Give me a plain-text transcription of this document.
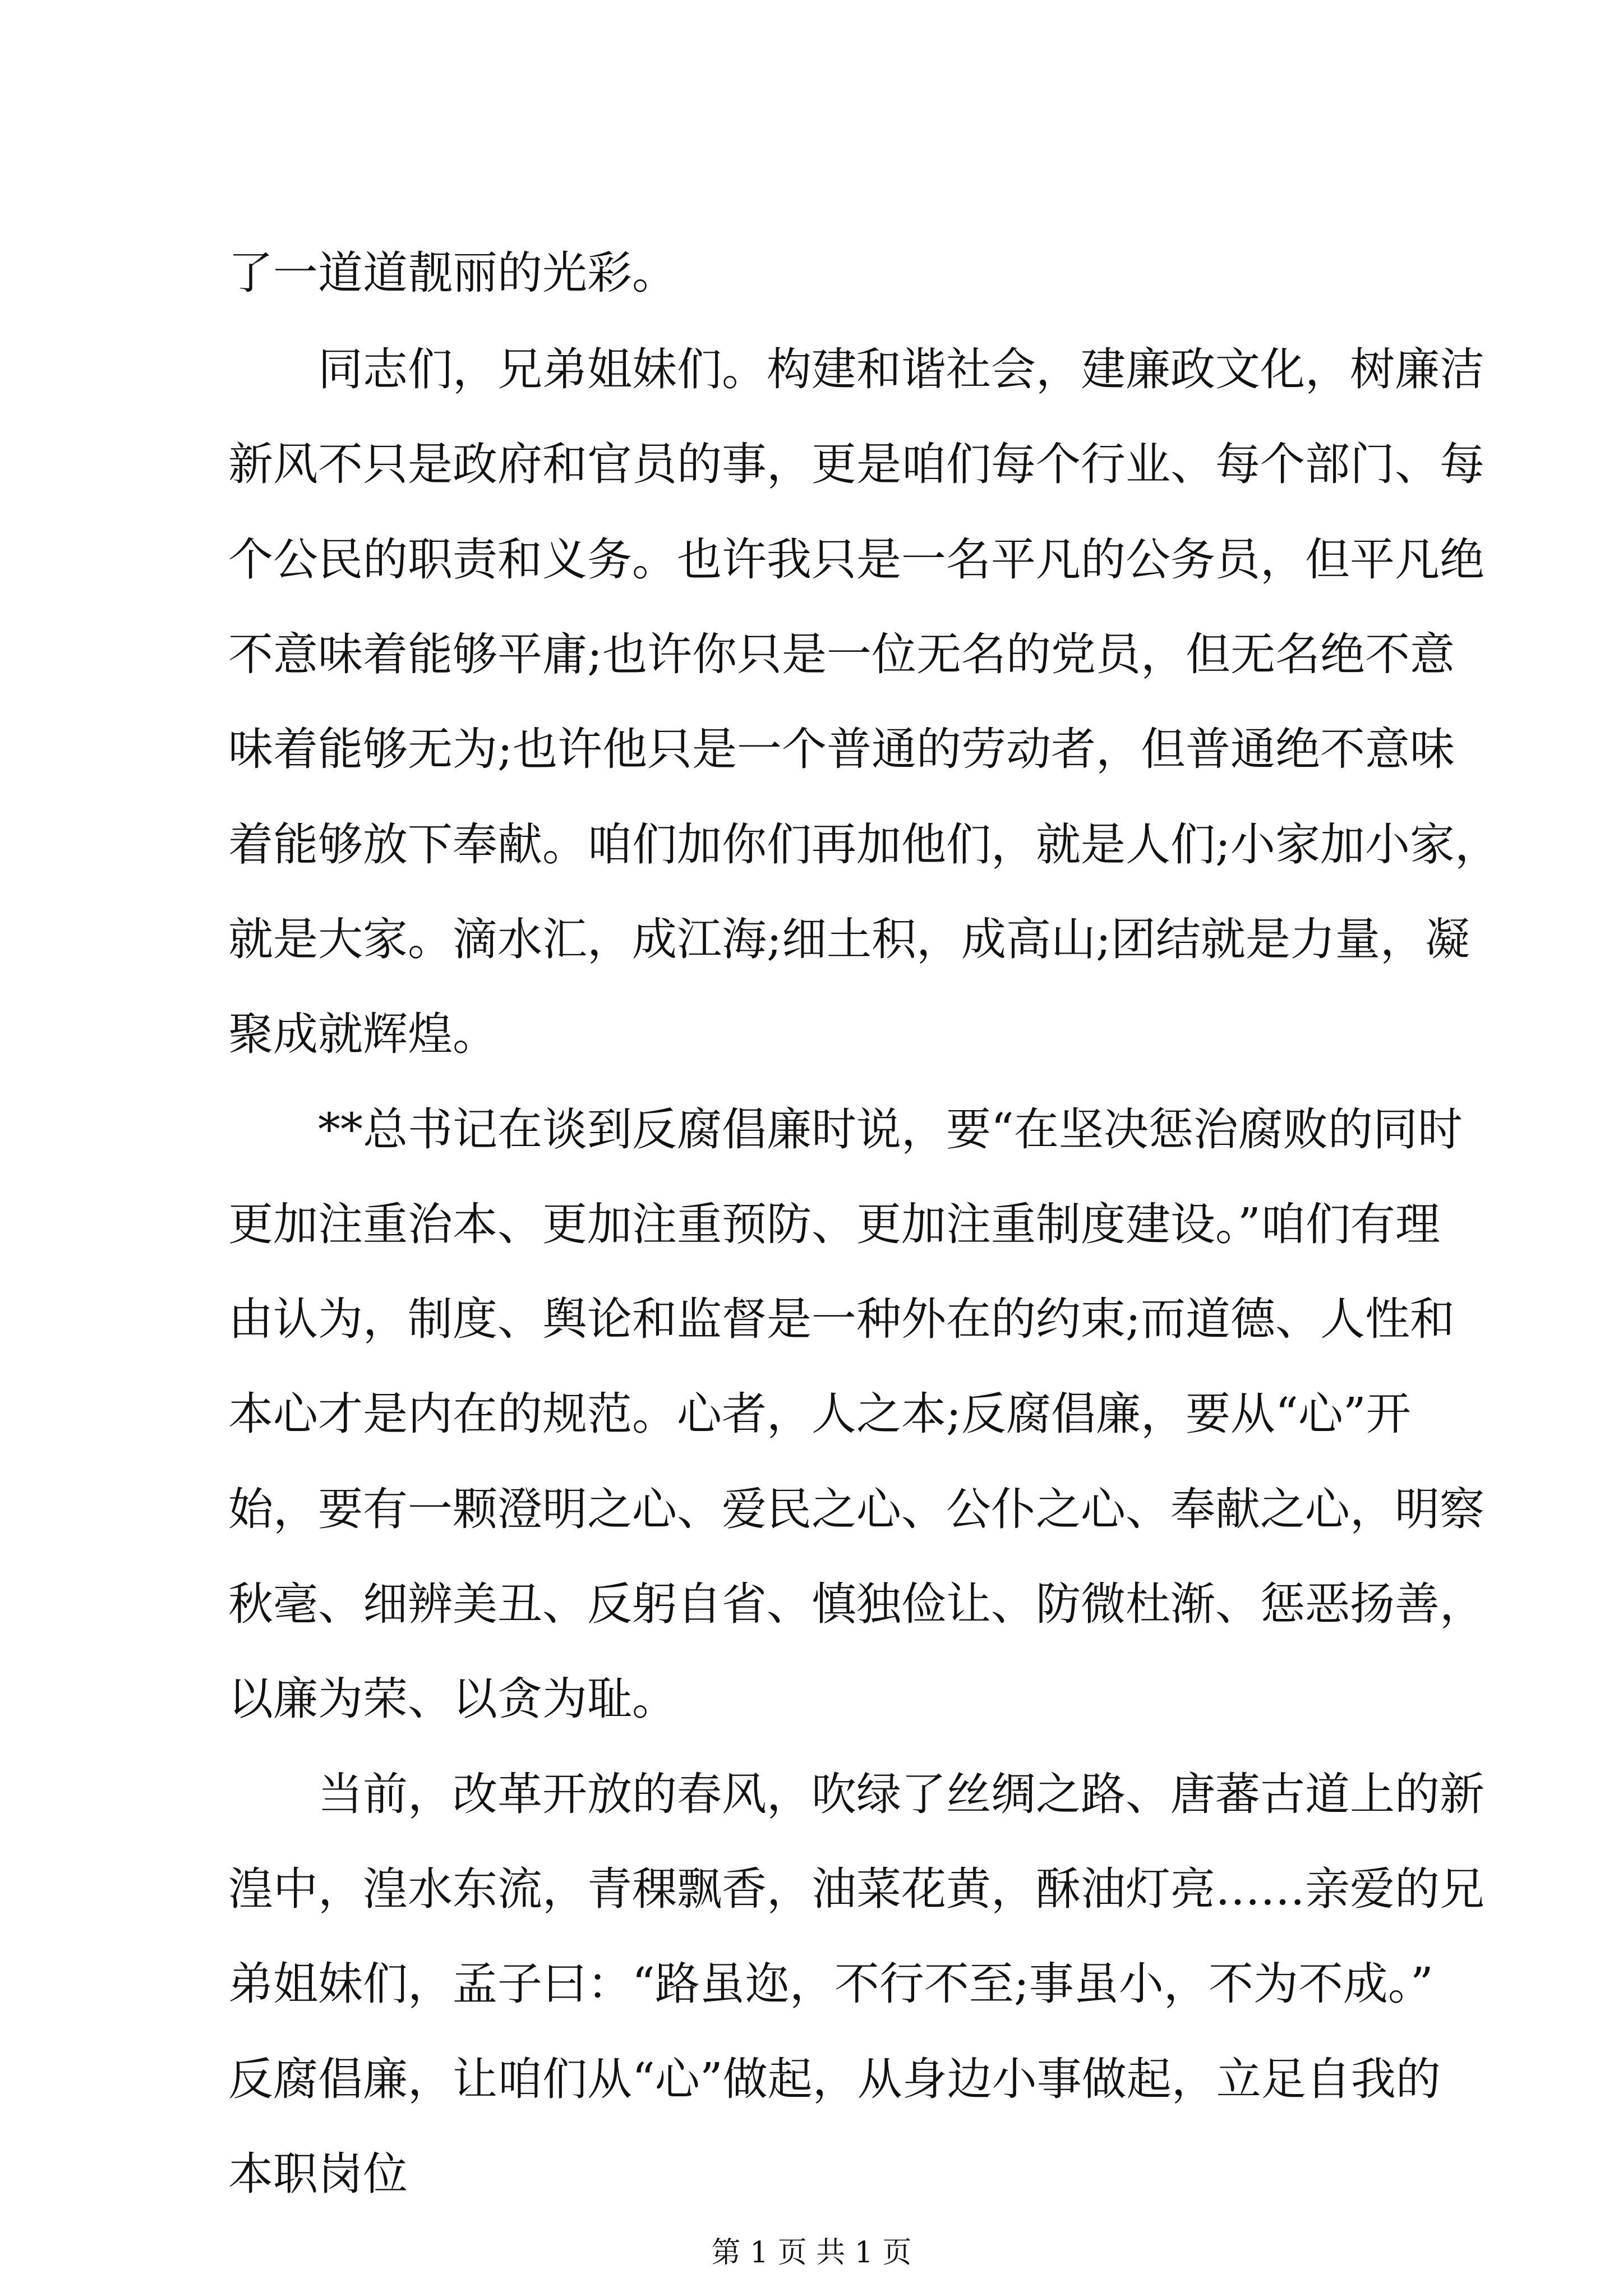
了一道道靓丽的光彩。
　　同志们，兄弟姐妹们。构建和谐社会，建廉政文化，树廉洁
新风不只是政府和官员的事，更是咱们每个行业、每个部门、每
个公民的职责和义务。也许我只是一名平凡的公务员，但平凡绝
不意味着能够平庸;也许你只是一位无名的党员，但无名绝不意
味着能够无为;也许他只是一个普通的劳动者，但普通绝不意味
着能够放下奉献。咱们加你们再加他们，就是人们;小家加小家，
就是大家。滴水汇，成江海;细土积，成高山;团结就是力量，凝
聚成就辉煌。
　　**总书记在谈到反腐倡廉时说，要“在坚决惩治腐败的同时
更加注重治本、更加注重预防、更加注重制度建设。”咱们有理
由认为，制度、舆论和监督是一种外在的约束;而道德、人性和
本心才是内在的规范。心者，人之本;反腐倡廉，要从“心”开
始，要有一颗澄明之心、爱民之心、公仆之心、奉献之心，明察
秋毫、细辨美丑、反躬自省、慎独俭让、防微杜渐、惩恶扬善，
以廉为荣、以贪为耻。
　　当前，改革开放的春风，吹绿了丝绸之路、唐蕃古道上的新
湟中，湟水东流，青稞飘香，油菜花黄，酥油灯亮……亲爱的兄
弟姐妹们，孟子曰：“路虽迩，不行不至;事虽小，不为不成。”
反腐倡廉，让咱们从“心”做起，从身边小事做起，立足自我的
本职岗位
第 1 页 共 1 页
